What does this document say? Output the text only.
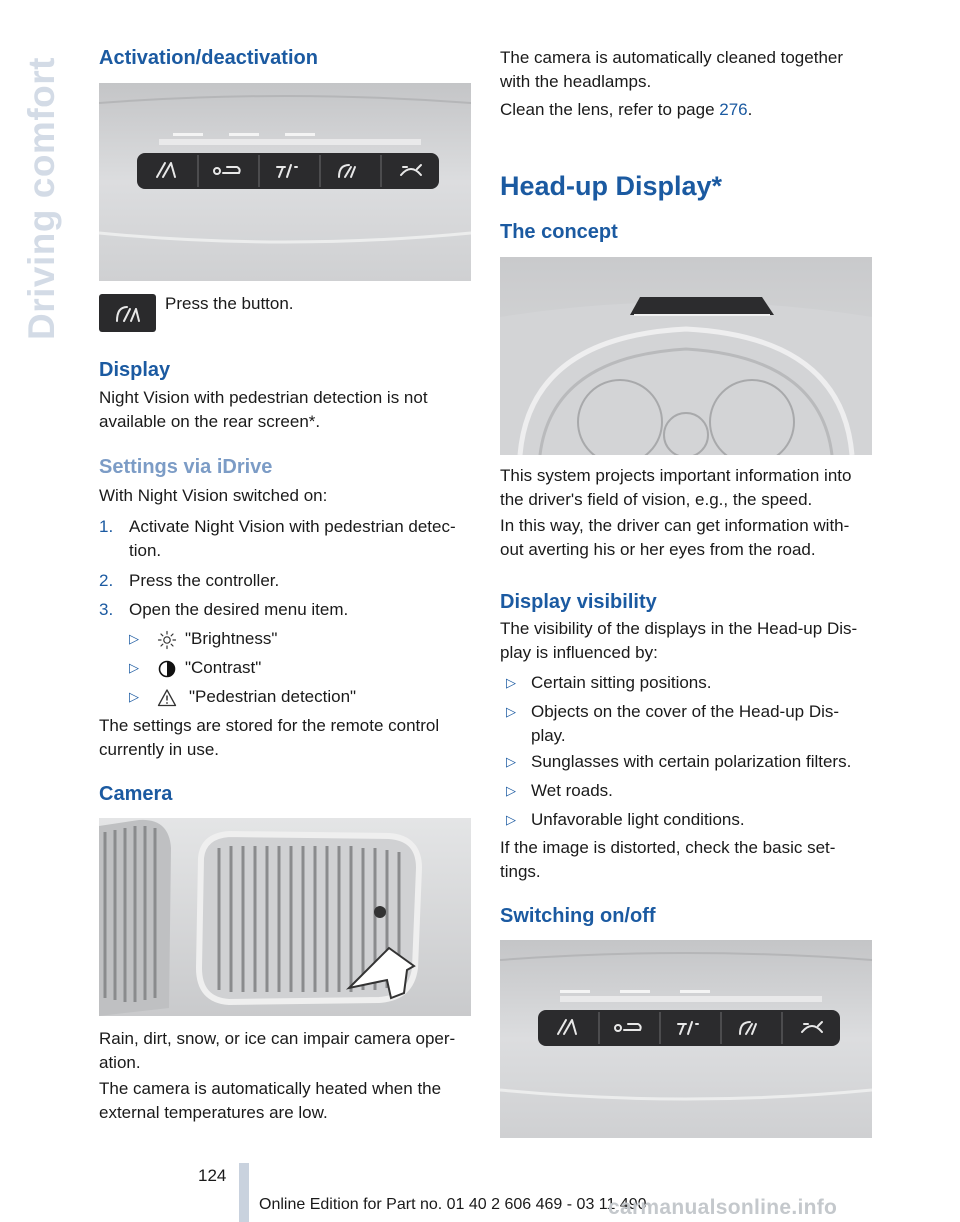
Driving comfort Activation/deactivation

Press the button.

Display

Night Vision with pedestrian detection is not available on the rear screen*.

Settings via iDrive

With Night Vision switched on:

1. Activate Night Vision with pedestrian detec-
tion.
2. Press the controller.
3. Open the desired menu item.
▷	"Brightness"
▷	"Contrast"
▷	"Pedestrian detection"

The settings are stored for the remote control currently in use.

Camera

Rain, dirt, snow, or ice can impair camera oper-
ation.

The camera is automatically heated when the external temperatures are low.

The camera is automatically cleaned together with the headlamps.

Clean the lens, refer to page 276.

Head-up Display*
The concept

This system projects important information into the driver's field of vision, e.g., the speed.

In this way, the driver can get information with-
out averting his or her eyes from the road.

Display visibility

The visibility of the displays in the Head-up Dis-
play is influenced by:

▷ Certain sitting positions.
▷ Objects on the cover of the Head-up Dis-
play.
▷ Sunglasses with certain polarization filters.
▷ Wet roads.
▷ Unfavorable light conditions.

If the image is distorted, check the basic set-
tings.

Switching on/off
124
Online Edition for Part no. 01 40 2 606 469 - 03 11 490
carmanualsonline.info
